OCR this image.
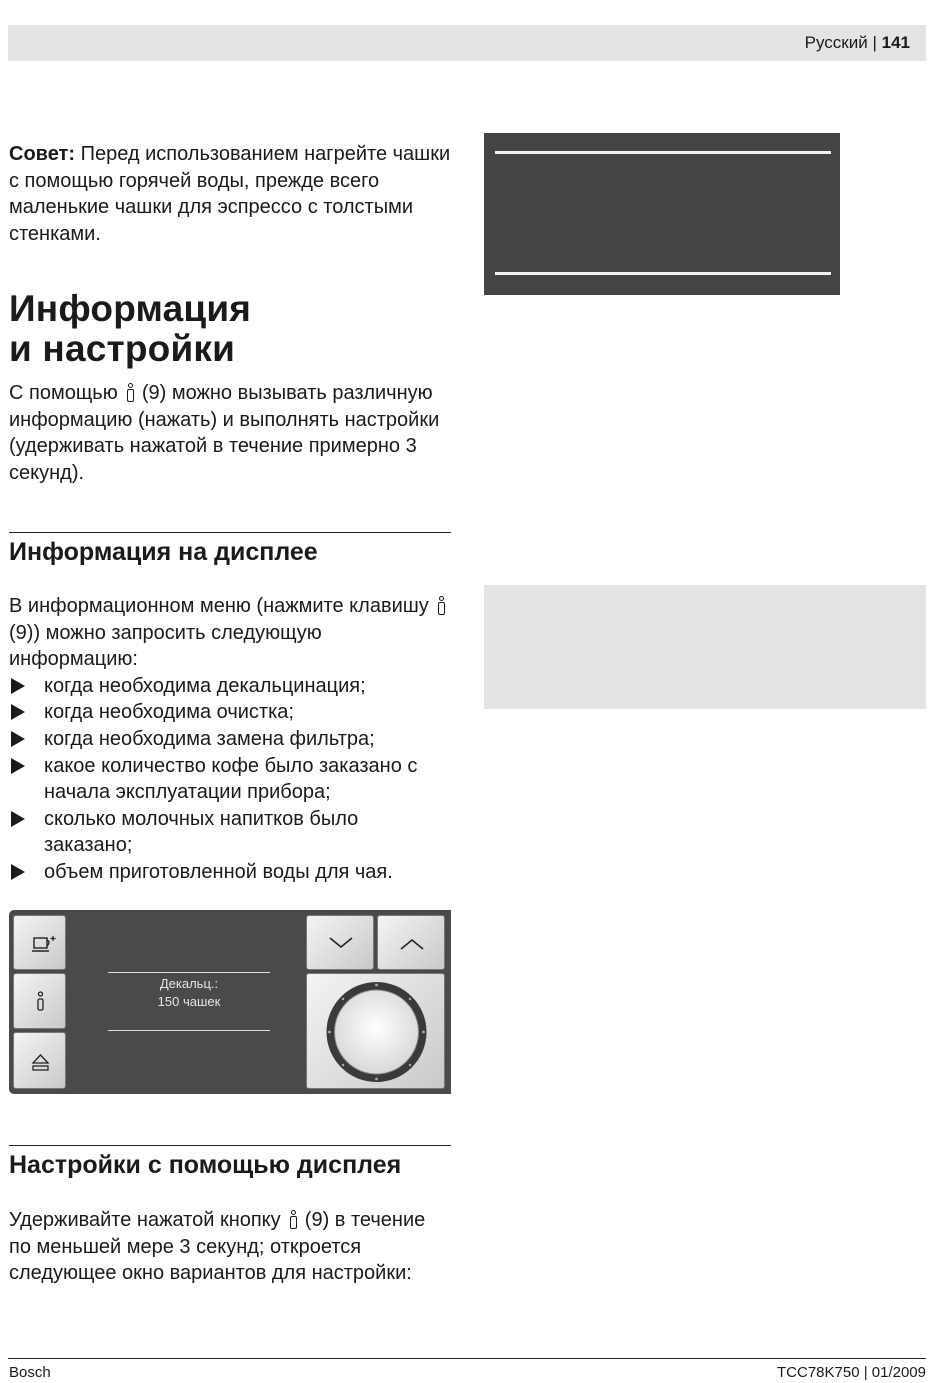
Русский | 141
Совет: Перед использованием нагрейте чашки с помощью горячей воды, прежде всего маленькие чашки для эспрессо с толстыми стенками.
Информация
и настройки
С помощью (9) можно вызывать различную информацию (нажать) и выполнять настройки (удерживать нажатой в течение примерно 3 секунд).
Информация на дисплее
В информационном меню (нажмите клавишу  (9)) можно запросить следующую информацию:
когда необходима декальцинация;
когда необходима очистка;
когда необходима замена фильтра;
какое количество кофе было заказано с начала эксплуатации прибора;
сколько молочных напитков было заказано;
объем приготовленной воды для чая.
Декальц.:
150 чашек
Настройки с помощью дисплея
Удерживайте нажатой кнопку (9) в течение по меньшей мере 3 секунд; откроется следующее окно вариантов для настройки:
Bosch	TCC78K750 | 01/2009
